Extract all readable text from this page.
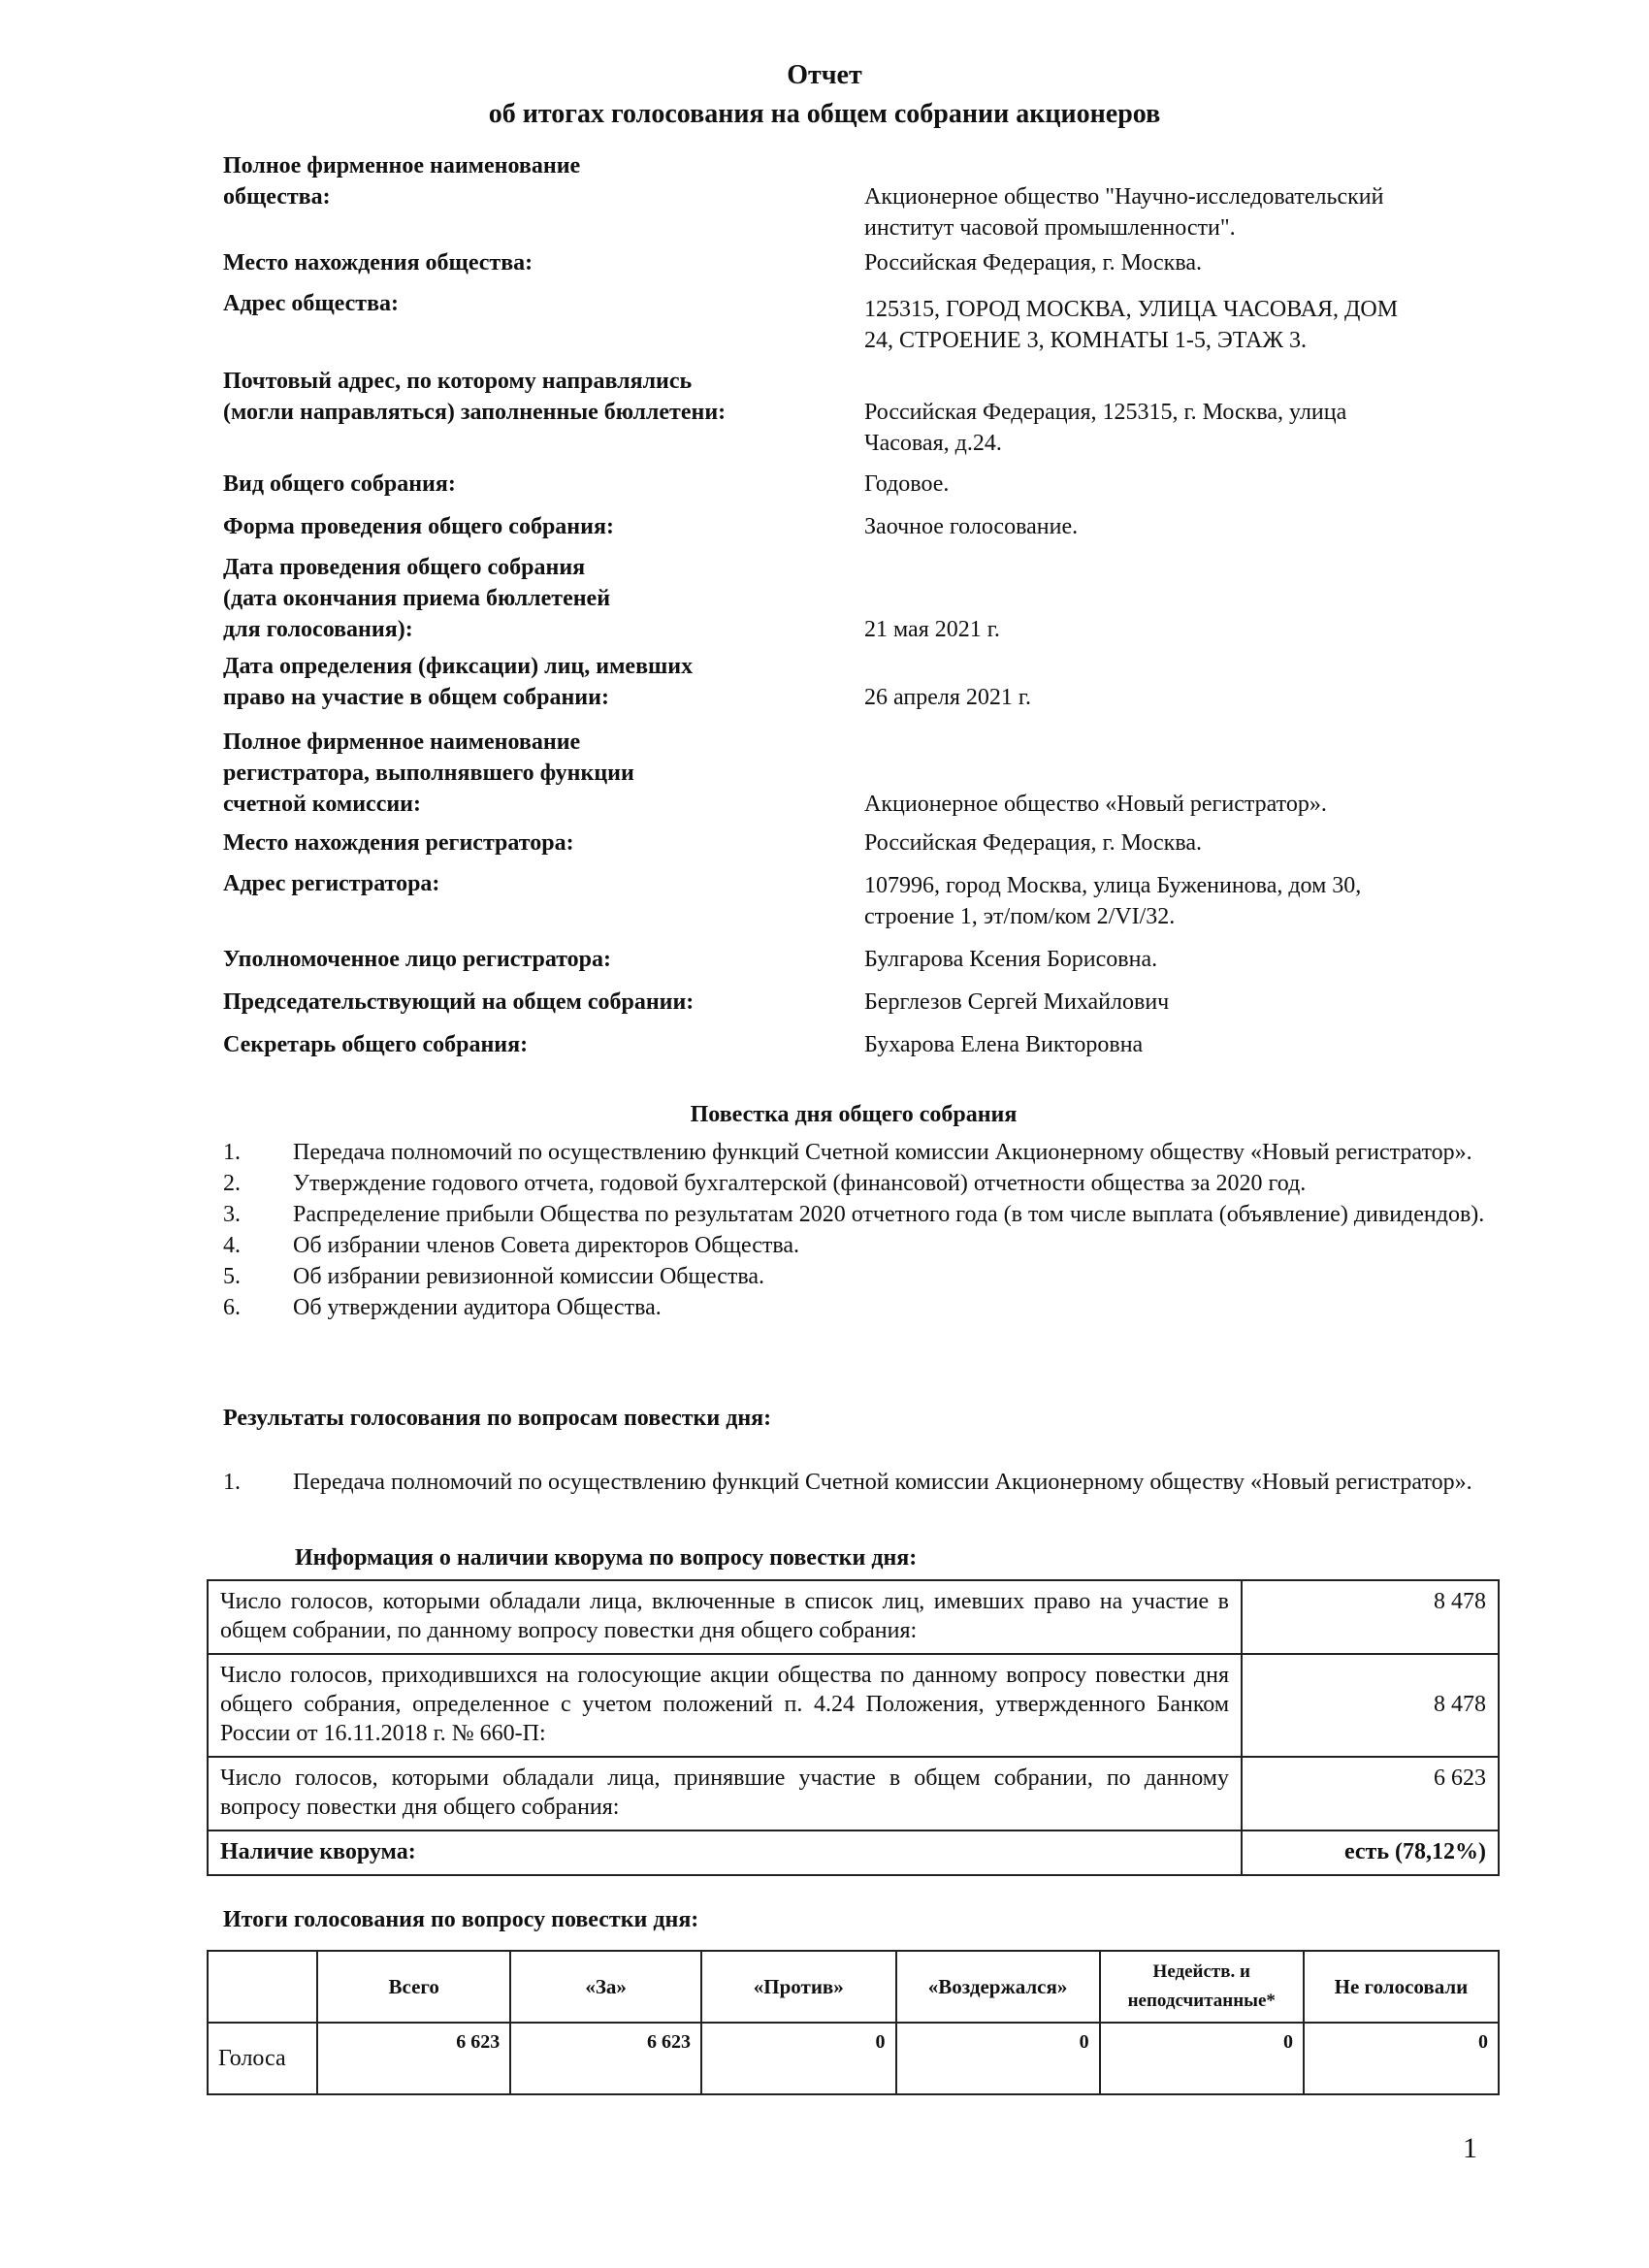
Отчет
об итогах голосования на общем собрании акционеров
Полное фирменное наименование
общества:	
Акционерное общество "Научно-исследовательский
институт часовой промышленности".
Место нахождения общества:	Российская Федерация, г. Москва.
Адрес общества:	125315, ГОРОД МОСКВА, УЛИЦА ЧАСОВАЯ, ДОМ
24, СТРОЕНИЕ 3, КОМНАТЫ 1-5, ЭТАЖ 3.
Почтовый адрес, по которому направлялись
(могли направляться) заполненные бюллетени:	
Российская Федерация, 125315, г. Москва, улица
Часовая, д.24.
Вид общего собрания:	Годовое.
Форма проведения общего собрания:	Заочное голосование.
Дата проведения общего собрания
(дата окончания приема бюллетеней
для голосования):	

21 мая 2021 г.
Дата определения (фиксации) лиц, имевших
право на участие в общем собрании:	
26 апреля 2021 г.
Полное фирменное наименование
регистратора, выполнявшего функции
счетной комиссии:	

Акционерное общество «Новый регистратор».
Место нахождения регистратора:	Российская Федерация, г. Москва.
Адрес регистратора:	107996, город Москва, улица Буженинова, дом 30,
строение 1, эт/пом/ком 2/VI/32.
Уполномоченное лицо регистратора:	Булгарова Ксения Борисовна.
Председательствующий на общем собрании:	Берглезов Сергей Михайлович
Секретарь общего собрания:	Бухарова Елена Викторовна
Повестка дня общего собрания
1.	Передача полномочий по осуществлению функций Счетной комиссии Акционерному обществу «Новый регистратор».
2.	Утверждение годового отчета, годовой бухгалтерской (финансовой) отчетности общества за 2020 год.
3.	Распределение прибыли Общества по результатам 2020 отчетного года (в том числе выплата (объявление) дивидендов).
4.	Об избрании членов Совета директоров Общества.
5.	Об избрании ревизионной комиссии Общества.
6.	Об утверждении аудитора Общества.
Результаты голосования по вопросам повестки дня:
1.	Передача полномочий по осуществлению функций Счетной комиссии Акционерному обществу «Новый регистратор».
Информация о наличии кворума по вопросу повестки дня:
Число голосов, которыми обладали лица, включенные в список лиц, имевших право на участие в общем собрании, по данному вопросу повестки дня общего собрания:	8 478
Число голосов, приходившихся на голосующие акции общества по данному вопросу повестки дня общего собрания, определенное с учетом положений п. 4.24 Положения, утвержденного Банком России от 16.11.2018 г. № 660-П:	8 478
Число голосов, которыми обладали лица, принявшие участие в общем собрании, по данному вопросу повестки дня общего собрания:	6 623
Наличие кворума:	есть (78,12%)
Итоги голосования по вопросу повестки дня:
	Всего	«За»	«Против»	«Воздержался»	Недейств. и
неподсчитанные*	Не голосовали
Голоса	6 623	6 623	0	0	0	0
1
